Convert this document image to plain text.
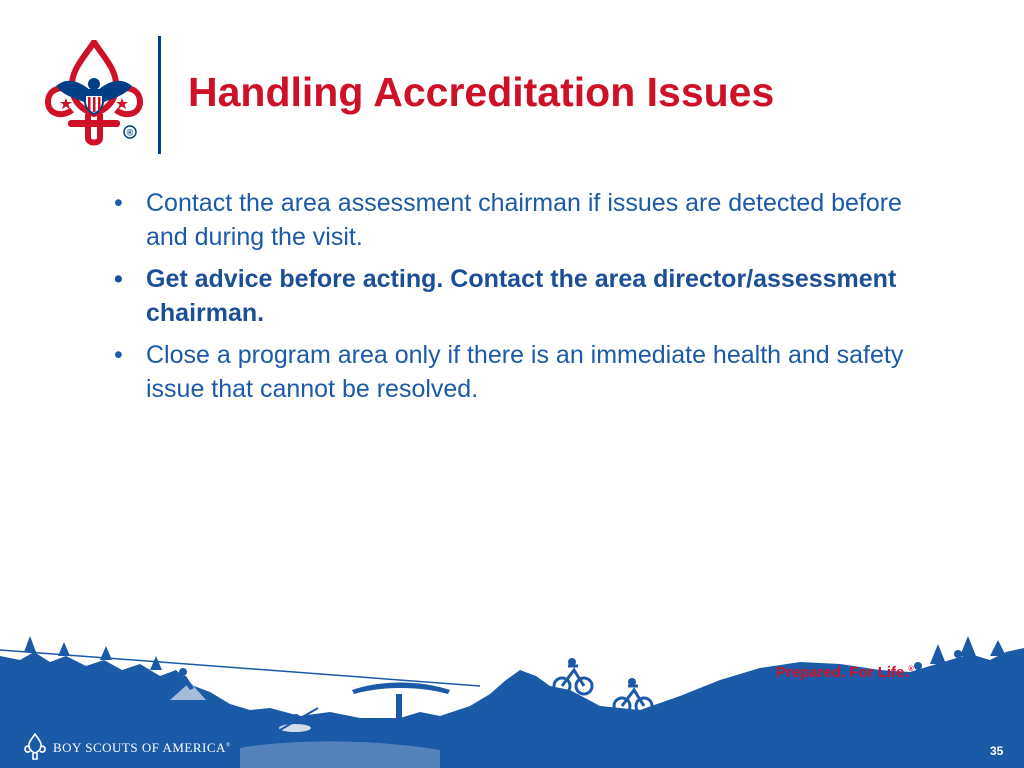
®
Handling Accreditation Issues
• Contact the area assessment chairman if issues are detected before and during the visit.
• Get advice before acting. Contact the area director/assessment chairman.
• Close a program area only if there is an immediate health and safety issue that cannot be resolved.
Prepared. For Life.®
BOY SCOUTS OF AMERICA®	35
